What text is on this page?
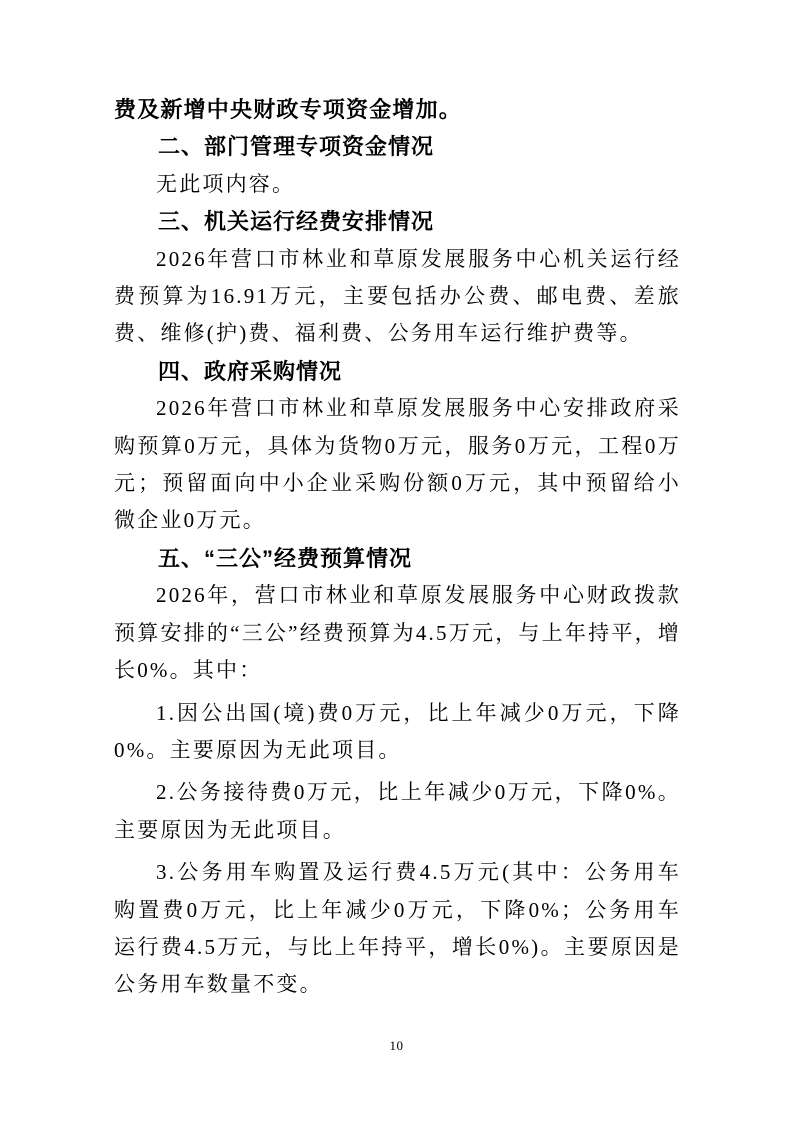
费及新增中央财政专项资金增加。

二、部门管理专项资金情况

无此项内容。

三、机关运行经费安排情况

2026年营口市林业和草原发展服务中心机关运行经费预算为16.91万元，主要包括办公费、邮电费、差旅费、维修(护)费、福利费、公务用车运行维护费等。

四、政府采购情况

2026年营口市林业和草原发展服务中心安排政府采购预算0万元，具体为货物0万元，服务0万元，工程0万元；预留面向中小企业采购份额0万元，其中预留给小微企业0万元。

五、“三公”经费预算情况

2026年，营口市林业和草原发展服务中心财政拨款预算安排的“三公”经费预算为4.5万元，与上年持平，增长0%。其中：

1.因公出国(境)费0万元，比上年减少0万元，下降0%。主要原因为无此项目。

2.公务接待费0万元，比上年减少0万元，下降0%。主要原因为无此项目。

3.公务用车购置及运行费4.5万元(其中：公务用车购置费0万元，比上年减少0万元，下降0%；公务用车运行费4.5万元，与比上年持平，增长0%)。主要原因是公务用车数量不变。

10
